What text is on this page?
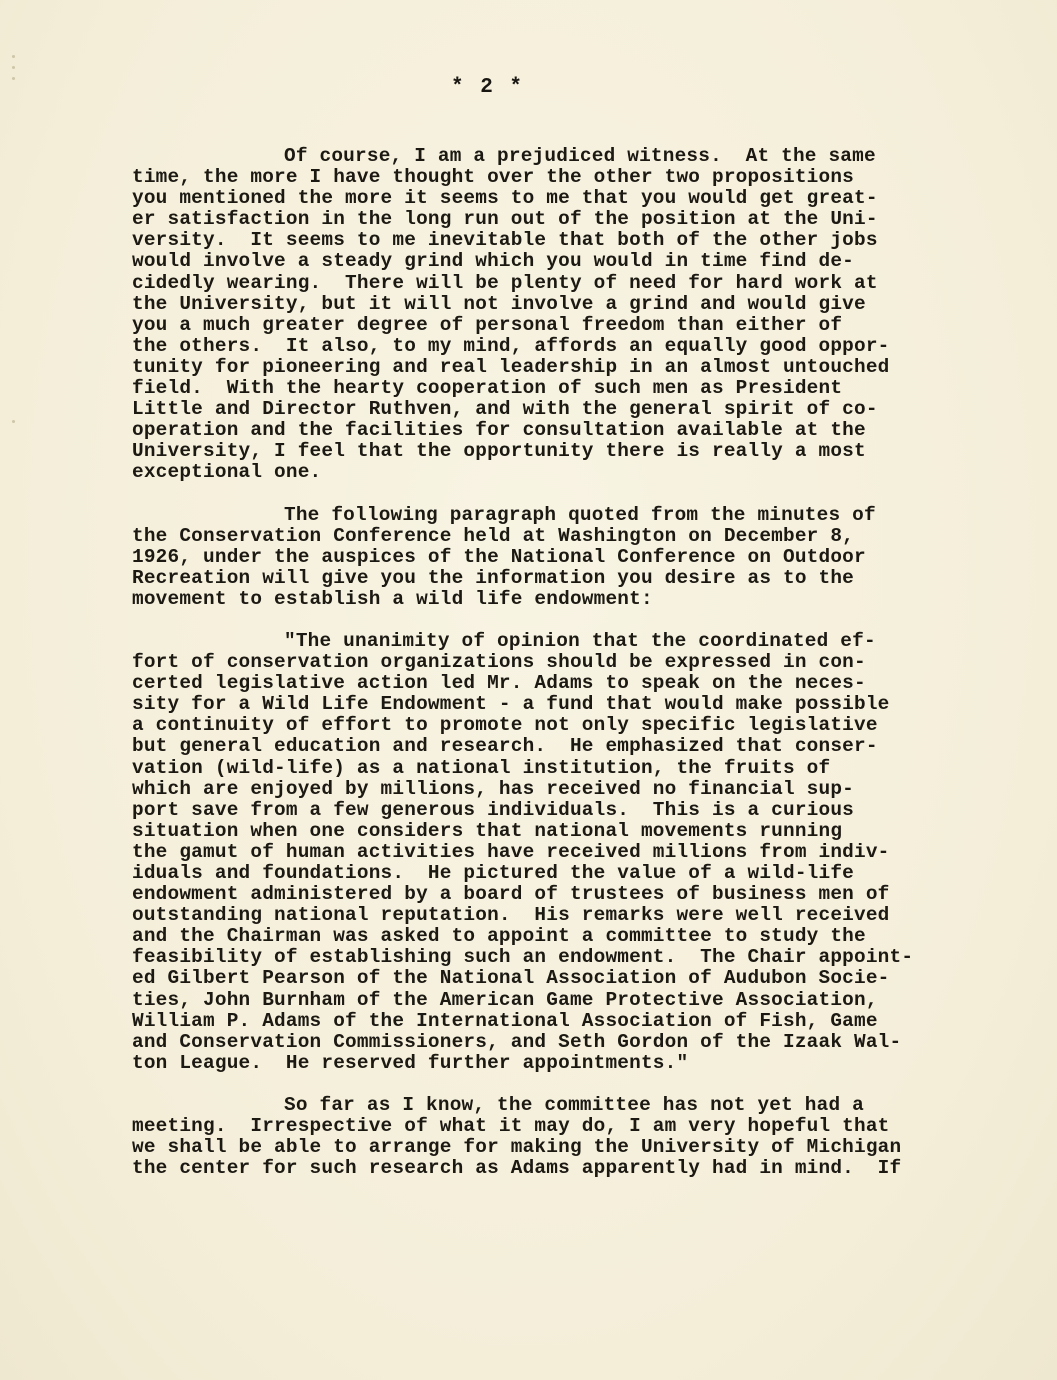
* 2 *
Of course, I am a prejudiced witness.  At the same
time, the more I have thought over the other two propositions
you mentioned the more it seems to me that you would get great-
er satisfaction in the long run out of the position at the Uni-
versity.  It seems to me inevitable that both of the other jobs
would involve a steady grind which you would in time find de-
cidedly wearing.  There will be plenty of need for hard work at
the University, but it will not involve a grind and would give
you a much greater degree of personal freedom than either of
the others.  It also, to my mind, affords an equally good oppor-
tunity for pioneering and real leadership in an almost untouched
field.  With the hearty cooperation of such men as President
Little and Director Ruthven, and with the general spirit of co-
operation and the facilities for consultation available at the
University, I feel that the opportunity there is really a most
exceptional one.
The following paragraph quoted from the minutes of
the Conservation Conference held at Washington on December 8,
1926, under the auspices of the National Conference on Outdoor
Recreation will give you the information you desire as to the
movement to establish a wild life endowment:
"The unanimity of opinion that the coordinated ef-
fort of conservation organizations should be expressed in con-
certed legislative action led Mr. Adams to speak on the neces-
sity for a Wild Life Endowment - a fund that would make possible
a continuity of effort to promote not only specific legislative
but general education and research.  He emphasized that conser-
vation (wild-life) as a national institution, the fruits of
which are enjoyed by millions, has received no financial sup-
port save from a few generous individuals.  This is a curious
situation when one considers that national movements running
the gamut of human activities have received millions from indiv-
iduals and foundations.  He pictured the value of a wild-life
endowment administered by a board of trustees of business men of
outstanding national reputation.  His remarks were well received
and the Chairman was asked to appoint a committee to study the
feasibility of establishing such an endowment.  The Chair appoint-
ed Gilbert Pearson of the National Association of Audubon Socie-
ties, John Burnham of the American Game Protective Association,
William P. Adams of the International Association of Fish, Game
and Conservation Commissioners, and Seth Gordon of the Izaak Wal-
ton League.  He reserved further appointments."
So far as I know, the committee has not yet had a
meeting.  Irrespective of what it may do, I am very hopeful that
we shall be able to arrange for making the University of Michigan
the center for such research as Adams apparently had in mind.  If
